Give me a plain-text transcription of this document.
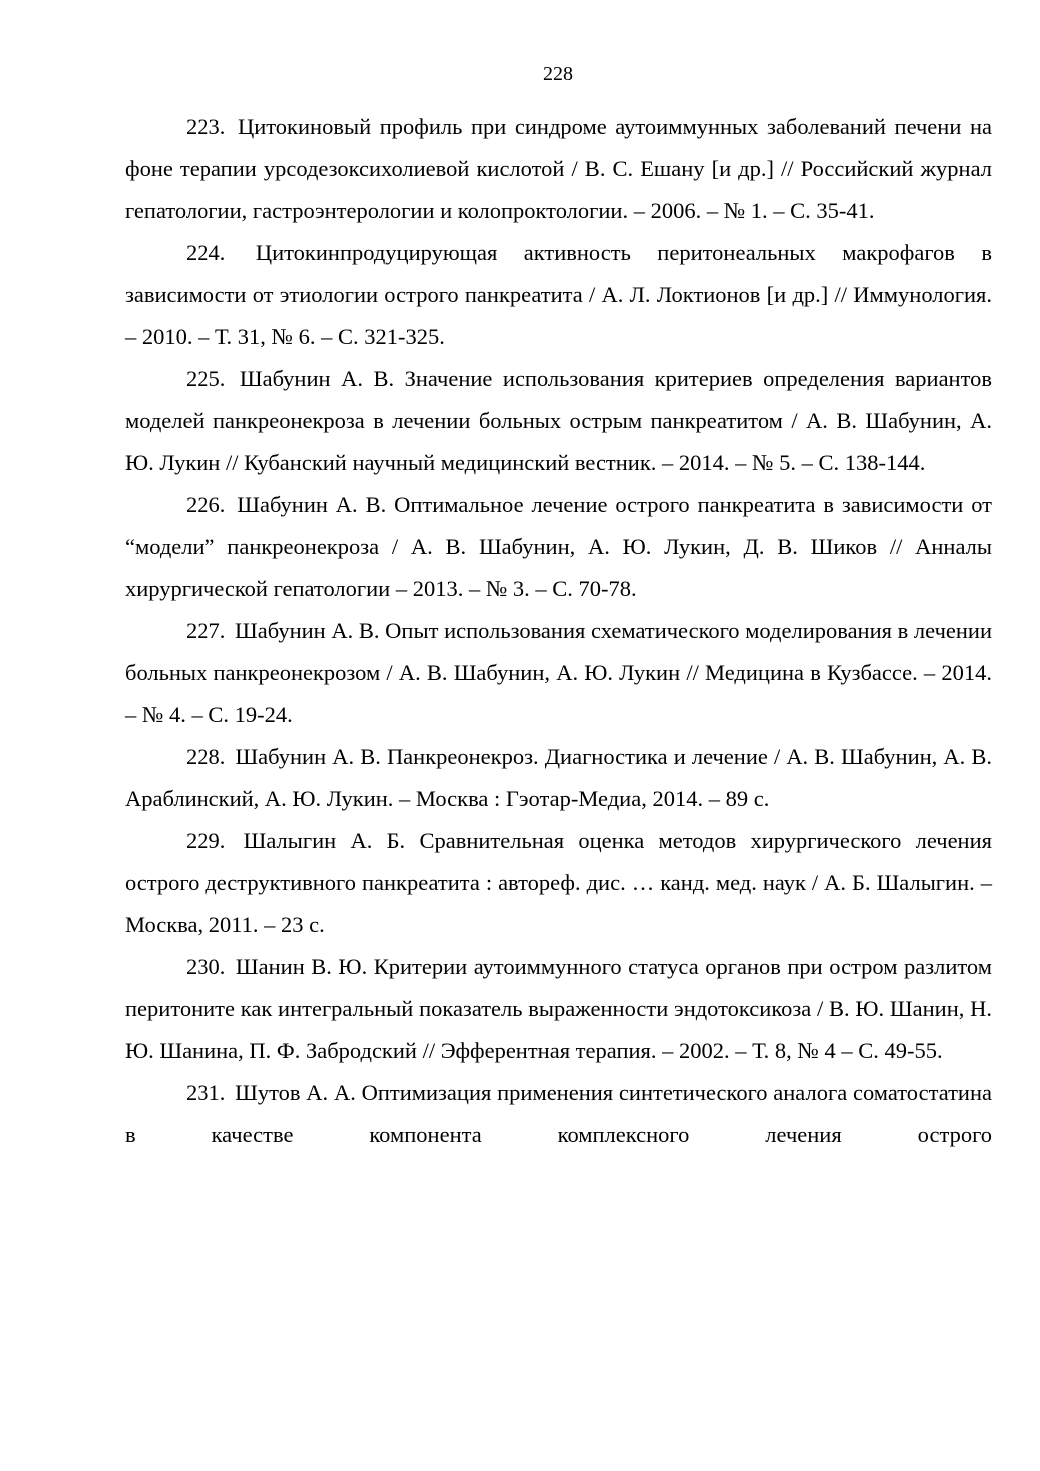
228
223. Цитокиновый профиль при синдроме аутоиммунных заболеваний печени на фоне терапии урсодезоксихолиевой кислотой / В. С. Ешану [и др.] // Российский журнал гепатологии, гастроэнтерологии и колопроктологии. – 2006. – № 1. – С. 35-41.
224. Цитокинпродуцирующая активность перитонеальных макрофагов в зависимости от этиологии острого панкреатита / А. Л. Локтионов [и др.] // Иммунология. – 2010. – Т. 31, № 6. – С. 321-325.
225. Шабунин А. В. Значение использования критериев определения вариантов моделей панкреонекроза в лечении больных острым панкреатитом / А. В. Шабунин, А. Ю. Лукин // Кубанский научный медицинский вестник. – 2014. – № 5. – С. 138-144.
226. Шабунин А. В. Оптимальное лечение острого панкреатита в зависимости от “модели” панкреонекроза / А. В. Шабунин, А. Ю. Лукин, Д. В. Шиков // Анналы хирургической гепатологии – 2013. – № 3. – С. 70-78.
227. Шабунин А. В. Опыт использования схематического моделирования в лечении больных панкреонекрозом / А. В. Шабунин, А. Ю. Лукин // Медицина в Кузбассе. – 2014. – № 4. – С. 19-24.
228. Шабунин А. В. Панкреонекроз. Диагностика и лечение / А. В. Шабунин, А. В. Араблинский, А. Ю. Лукин. – Москва : Гэотар-Медиа, 2014. – 89 с.
229. Шалыгин А. Б. Сравнительная оценка методов хирургического лечения острого деструктивного панкреатита : автореф. дис. … канд. мед. наук / А. Б. Шалыгин. – Москва, 2011. – 23 с.
230. Шанин В. Ю. Критерии аутоиммунного статуса органов при остром разлитом перитоните как интегральный показатель выраженности эндотоксикоза / В. Ю. Шанин, Н. Ю. Шанина, П. Ф. Забродский // Эфферентная терапия. – 2002. – Т. 8, № 4 – С. 49-55.
231. Шутов А. А. Оптимизация применения синтетического аналога соматостатина в качестве компонента комплексного лечения острого
